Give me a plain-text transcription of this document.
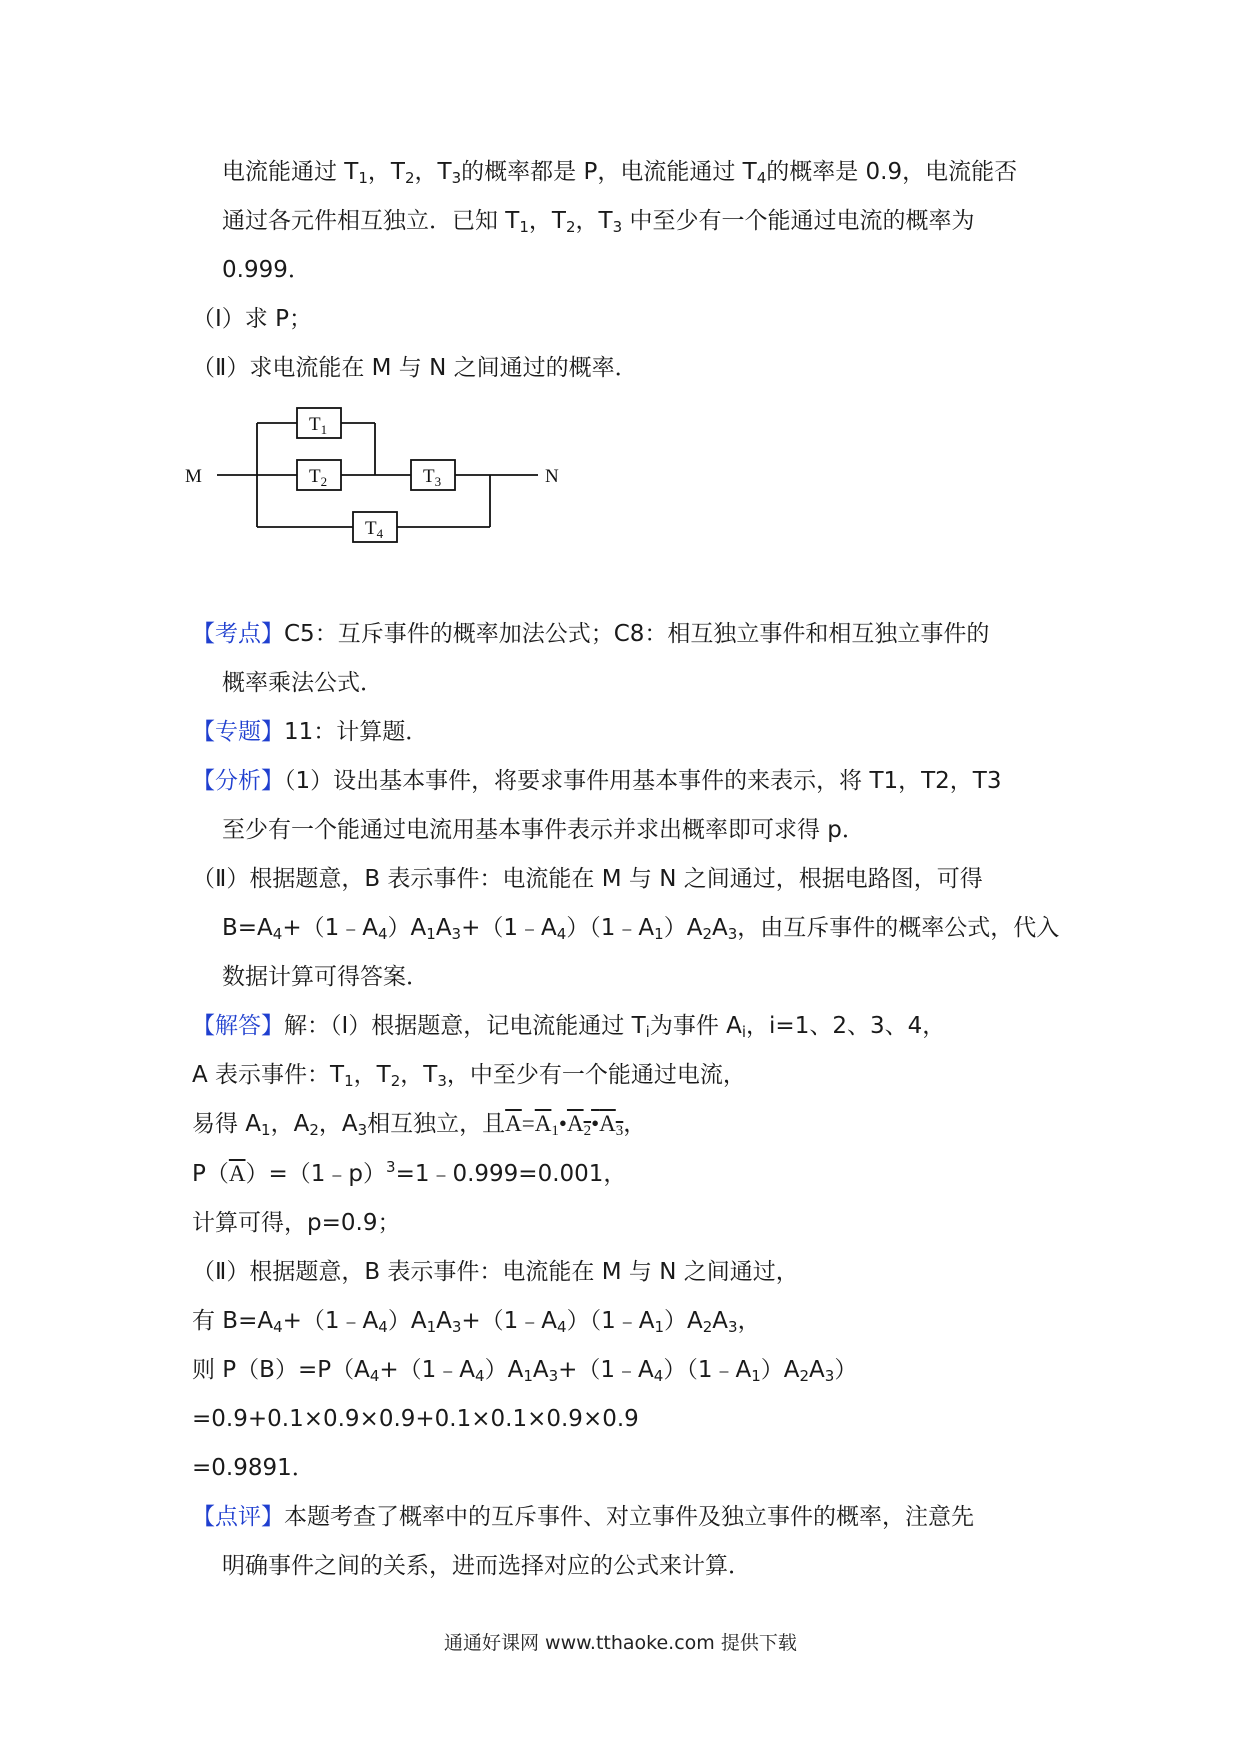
电流能通过 $T_1$，$T_2$，$T_3$的概率都是 P，电流能通过 $T_4$的概率是 0.9，电流能否
通过各元件相互独立．已知 $T_1$，$T_2$，$T_3$ 中至少有一个能通过电流的概率为
0.999．
（Ⅰ）求 P；
（Ⅱ）求电流能在 M 与 N 之间通过的概率．
M	N
$T_1$
$T_2$	$T_3$
$T_4$
【考点】C5：互斥事件的概率加法公式；C8：相互独立事件和相互独立事件的
概率乘法公式．
【专题】11：计算题．
【分析】（1）设出基本事件，将要求事件用基本事件的来表示，将 T1，T2，T3
至少有一个能通过电流用基本事件表示并求出概率即可求得 p．
（Ⅱ）根据题意，B 表示事件：电流能在 M 与 N 之间通过，根据电路图，可得
$B=A_4+(1﹣A_4)A_1A_3+(1﹣A_4)(1﹣A_1)A_2A_3$，由互斥事件的概率公式，代入
数据计算可得答案．
【解答】解：（Ⅰ）根据题意，记电流能通过 $T_i$为事件 $A_i$，i=1、2、3、4，
A 表示事件：$T_1$，$T_2$，$T_3$，中至少有一个能通过电流，
易得 $A_1$，$A_2$，$A_3$相互独立，且$\overline{A}=\overline{A}_1•A_2•A_3$，
$P(\overline{A})=(1﹣p)^3=1﹣0.999=0.001$，
计算可得，p=0.9；
（Ⅱ）根据题意，B 表示事件：电流能在 M 与 N 之间通过，
有 $B=A_4+(1﹣A_4)A_1A_3+(1﹣A_4)(1﹣A_1)A_2A_3$，
则 $P(B)=P(A_4+(1﹣A_4)A_1A_3+(1﹣A_4)(1﹣A_1)A_2A_3)$
=0.9+0.1×0.9×0.9+0.1×0.1×0.9×0.9
=0.9891．
【点评】本题考查了概率中的互斥事件、对立事件及独立事件的概率，注意先
明确事件之间的关系，进而选择对应的公式来计算．
通通好课网 www.tthaoke.com 提供下载
